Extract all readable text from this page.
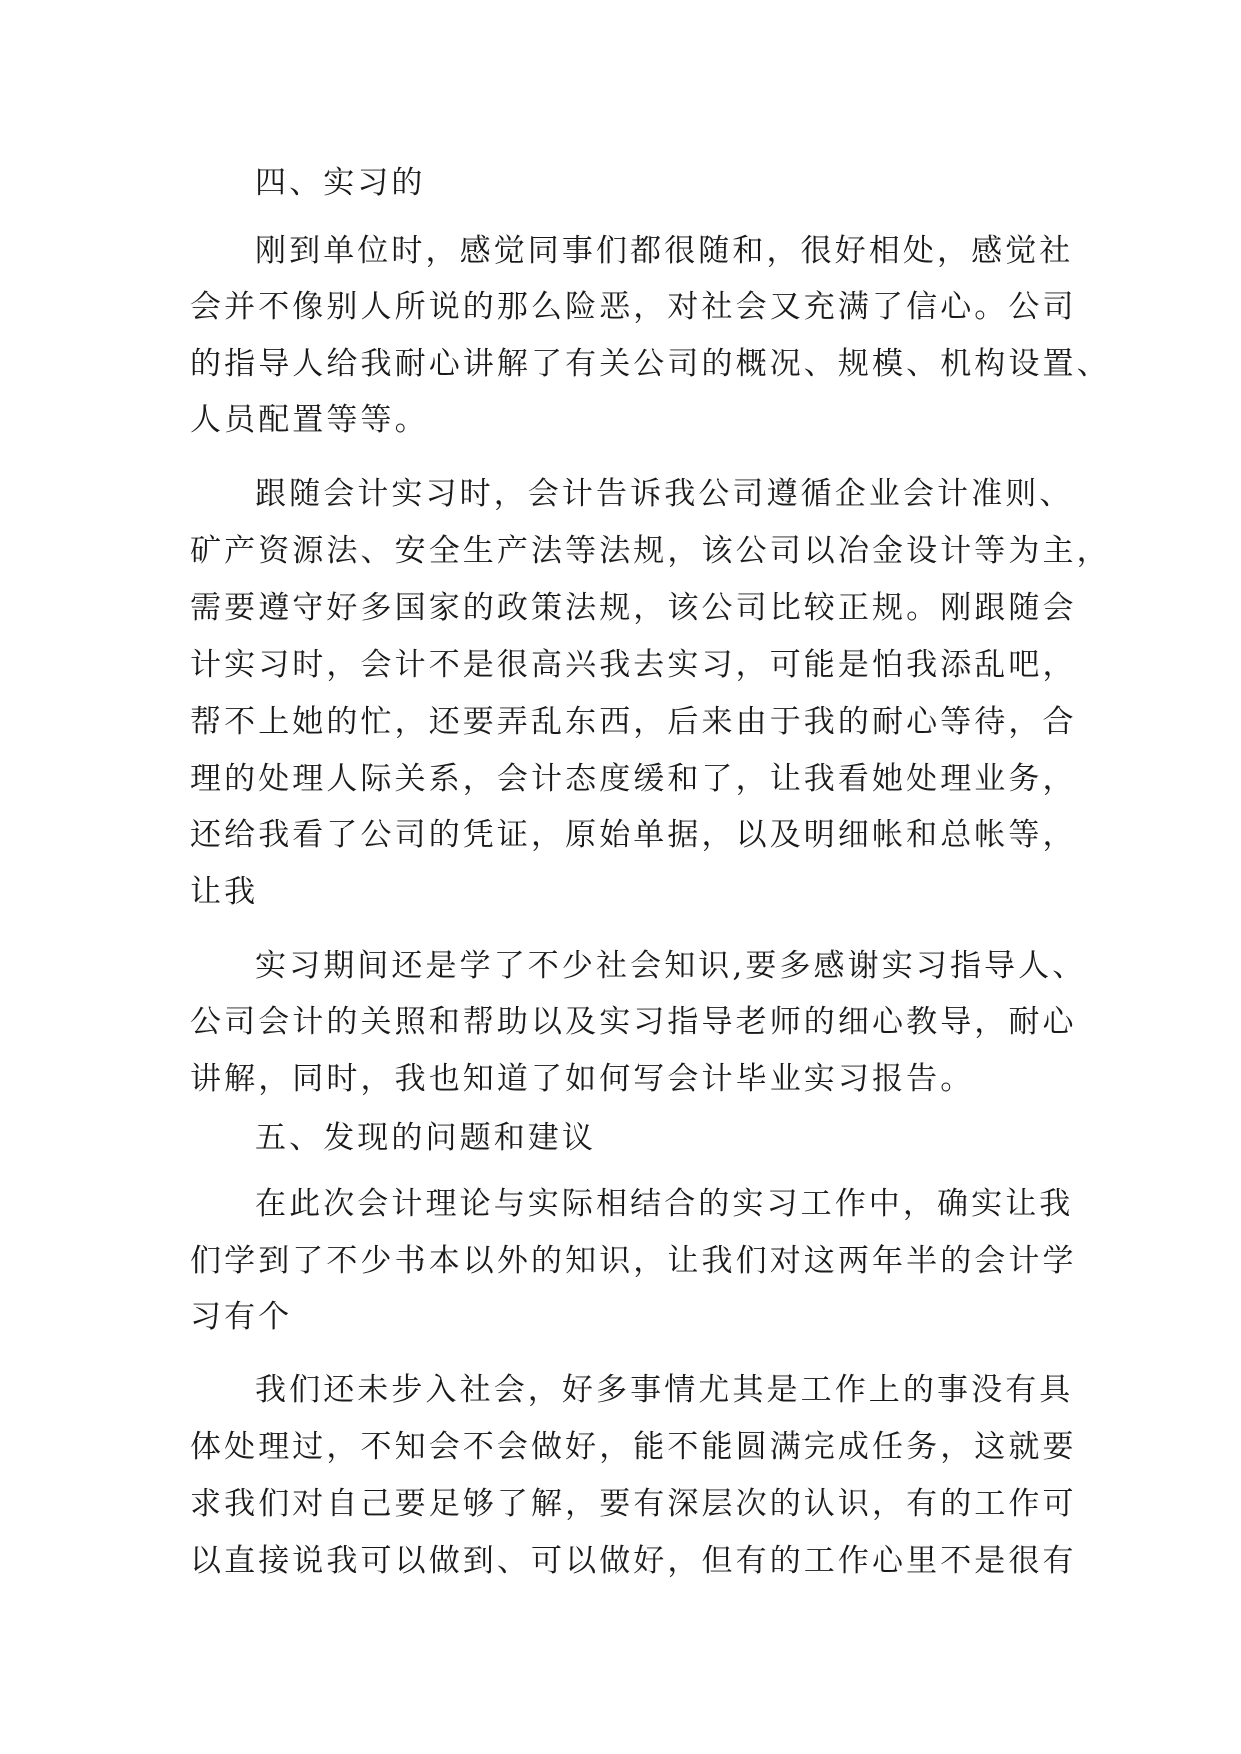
四、实习的
刚到单位时，感觉同事们都很随和，很好相处，感觉社
会并不像别人所说的那么险恶，对社会又充满了信心。公司
的指导人给我耐心讲解了有关公司的概况、规模、机构设置、
人员配置等等。
跟随会计实习时，会计告诉我公司遵循企业会计准则、
矿产资源法、安全生产法等法规，该公司以冶金设计等为主，
需要遵守好多国家的政策法规，该公司比较正规。刚跟随会
计实习时，会计不是很高兴我去实习，可能是怕我添乱吧，
帮不上她的忙，还要弄乱东西，后来由于我的耐心等待，合
理的处理人际关系，会计态度缓和了，让我看她处理业务，
还给我看了公司的凭证，原始单据，以及明细帐和总帐等，
让我
实习期间还是学了不少社会知识,要多感谢实习指导人、
公司会计的关照和帮助以及实习指导老师的细心教导，耐心
讲解，同时，我也知道了如何写会计毕业实习报告。
五、发现的问题和建议
在此次会计理论与实际相结合的实习工作中，确实让我
们学到了不少书本以外的知识，让我们对这两年半的会计学
习有个
我们还未步入社会，好多事情尤其是工作上的事没有具
体处理过，不知会不会做好，能不能圆满完成任务，这就要
求我们对自己要足够了解，要有深层次的认识，有的工作可
以直接说我可以做到、可以做好，但有的工作心里不是很有
